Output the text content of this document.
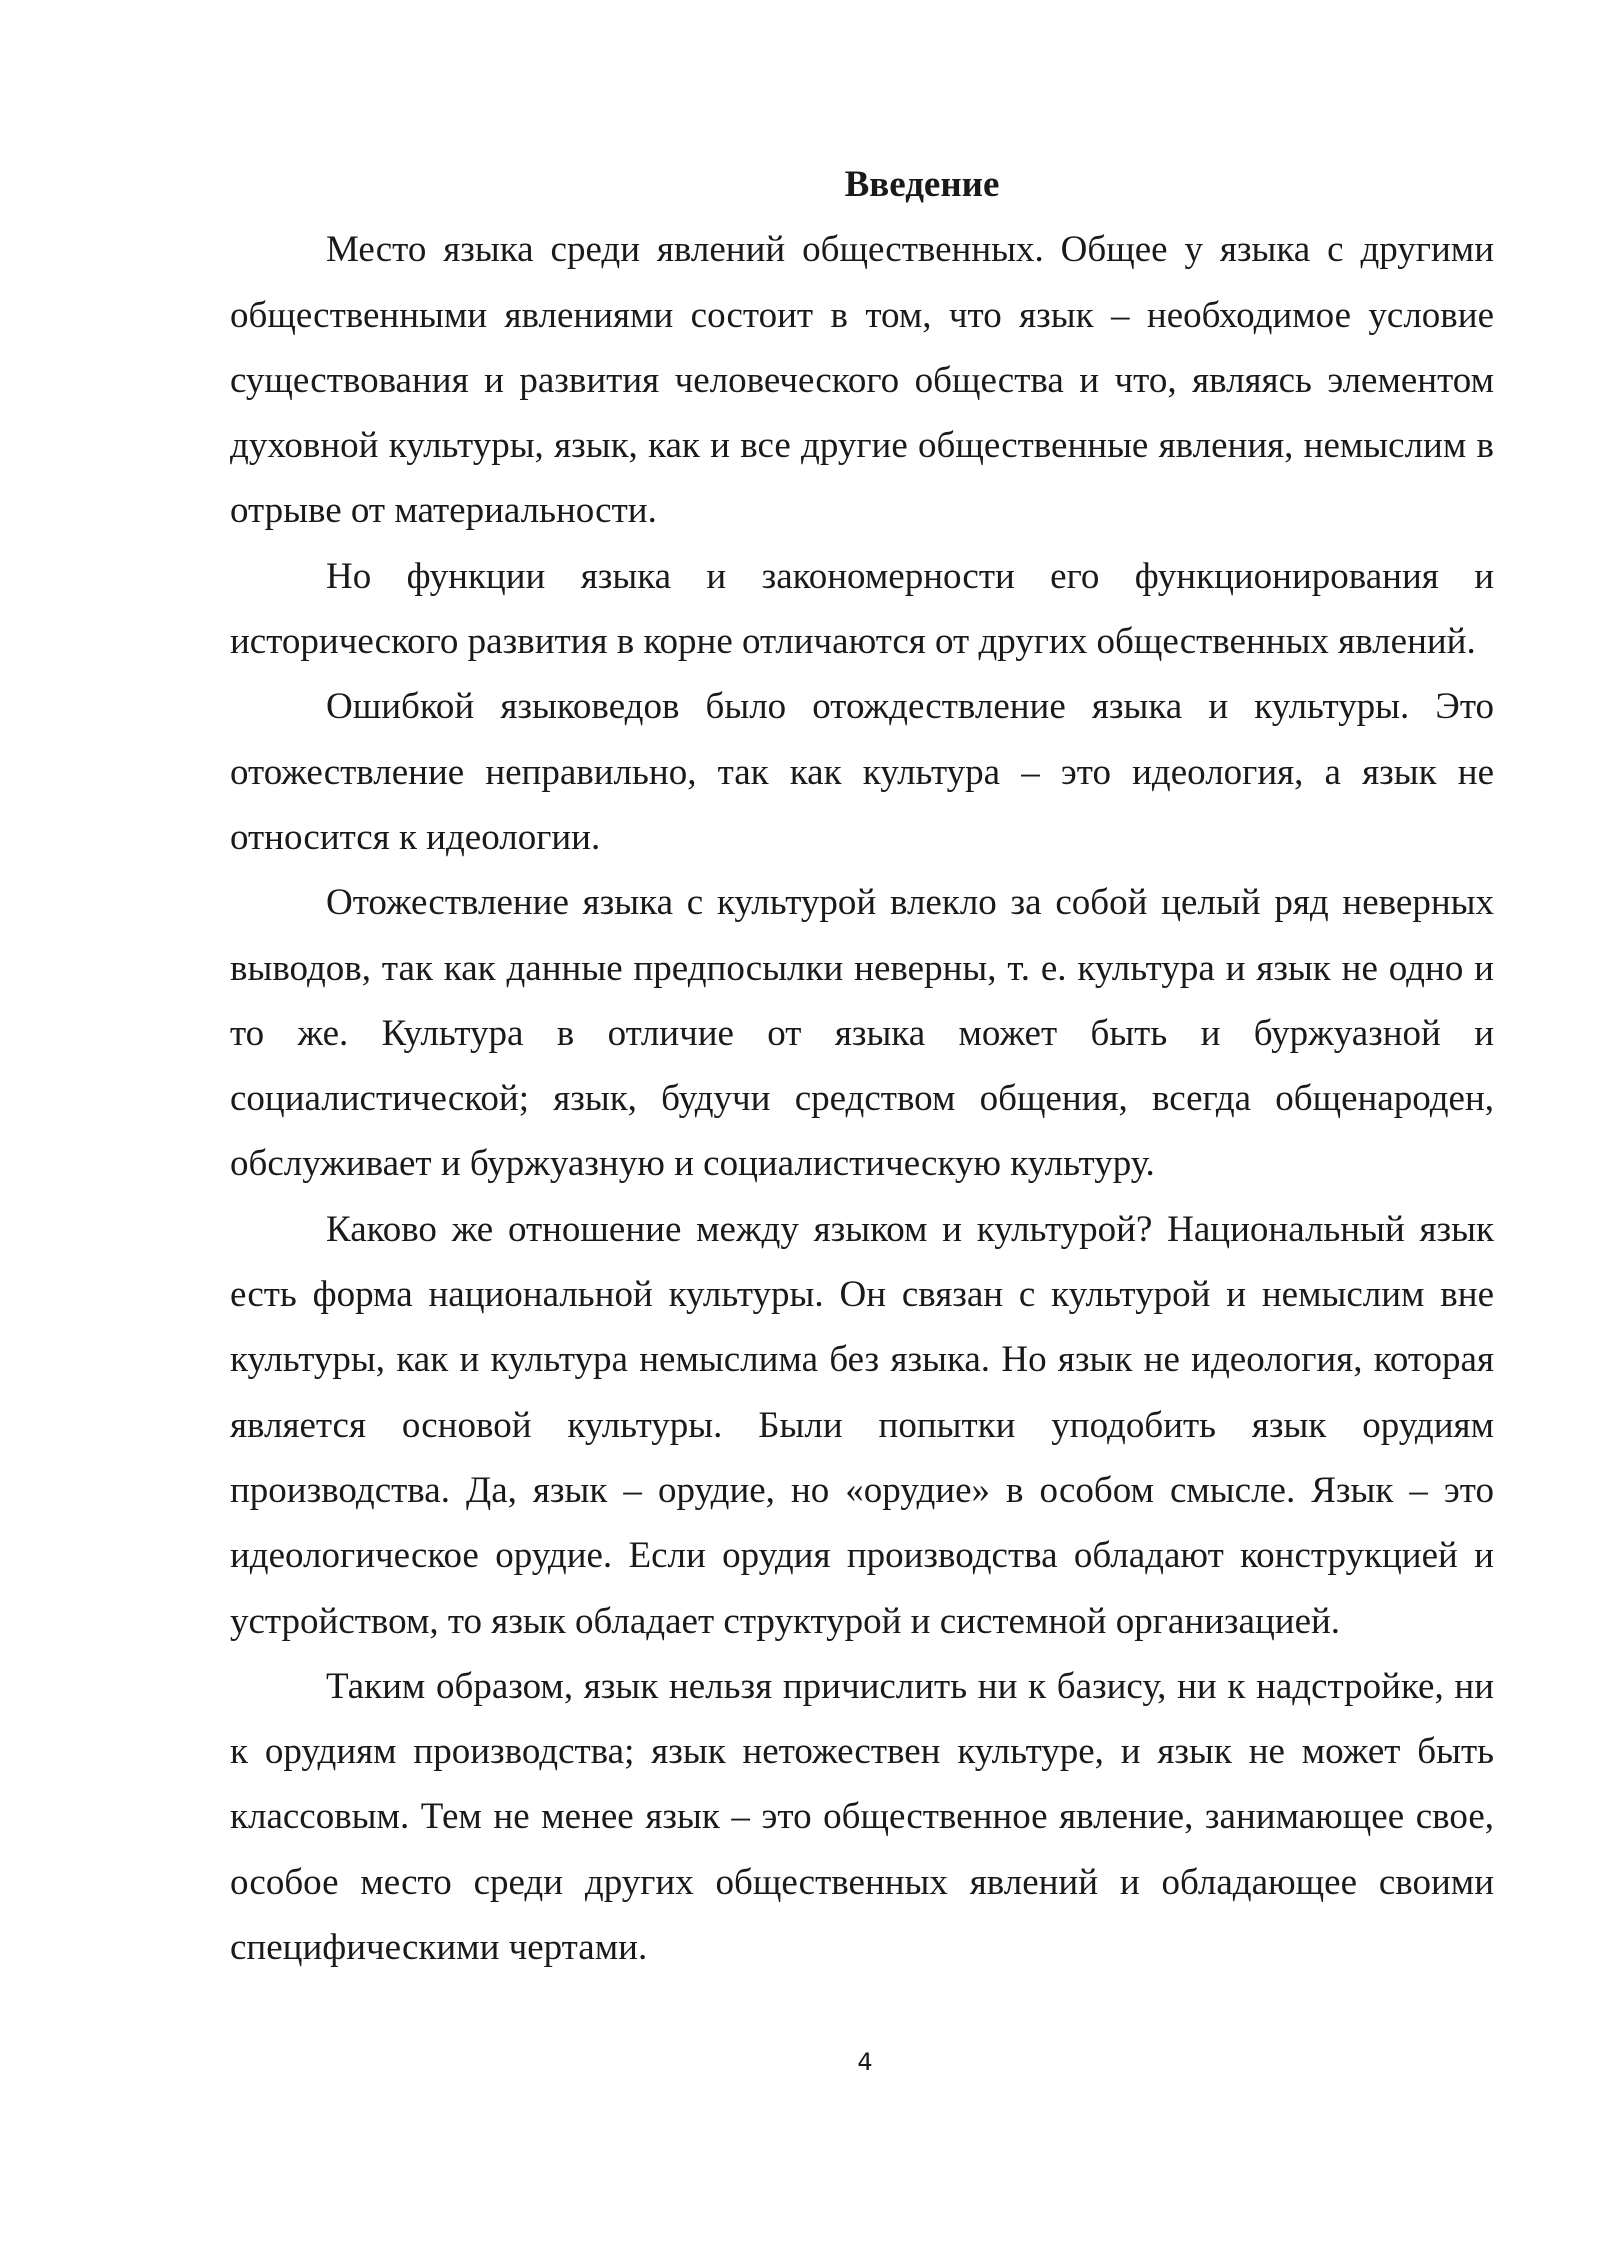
Введение

Место языка среди явлений общественных. Общее у языка с другими общественными явлениями состоит в том, что язык – необходимое условие существования и развития человеческого общества и что, являясь элементом духовной культуры, язык, как и все другие общественные явления, немыслим в отрыве от материальности.

Но функции языка и закономерности его функционирования и исторического развития в корне отличаются от других общественных явлений.

Ошибкой языковедов было отождествление языка и культуры. Это отожествление неправильно, так как культура – это идеология, а язык не относится к идеологии.

Отожествление языка с культурой влекло за собой целый ряд неверных выводов, так как данные предпосылки неверны, т. е. культура и язык не одно и то же. Культура в отличие от языка может быть и буржуазной и социалистической; язык, будучи средством общения, всегда общенароден, обслуживает и буржуазную и социалистическую культуру.

Каково же отношение между языком и культурой? Национальный язык есть форма национальной культуры. Он связан с культурой и немыслим вне культуры, как и культура немыслима без языка. Но язык не идеология, которая является основой культуры. Были попытки уподобить язык орудиям производства. Да, язык – орудие, но «орудие» в особом смысле. Язык – это идеологическое орудие. Если орудия производства обладают конструкцией и устройством, то язык обладает структурой и системной организацией.

Таким образом, язык нельзя причислить ни к базису, ни к надстройке, ни к орудиям производства; язык нетожествен культуре, и язык не может быть классовым. Тем не менее язык – это общественное явление, занимающее свое, особое место среди других общественных явлений и обладающее своими специфическими чертами.

4
